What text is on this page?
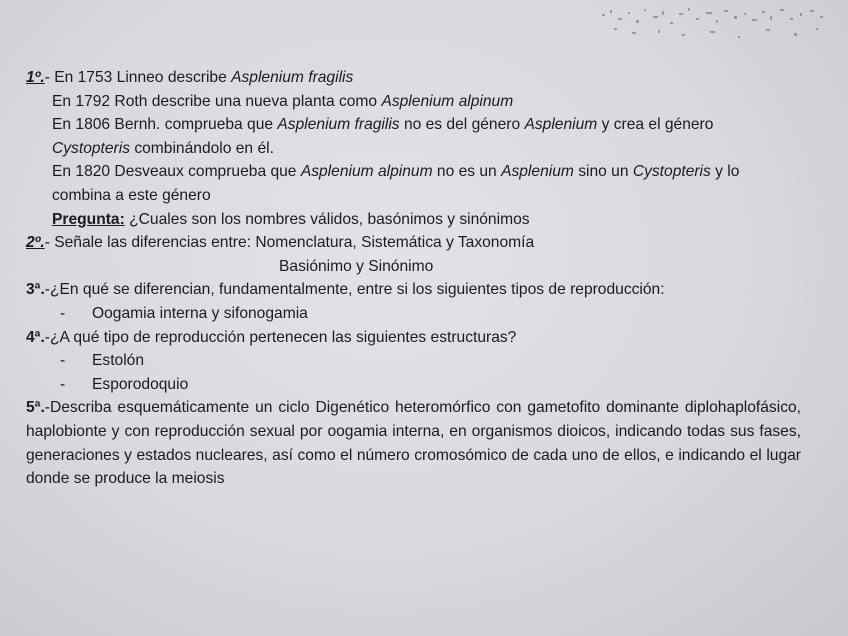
1º.- En 1753 Linneo describe Asplenium fragilis
En 1792 Roth describe una nueva planta como Asplenium alpinum
En 1806 Bernh. comprueba que Asplenium fragilis no es del género Asplenium y crea el género
Cystopteris combinándolo en él.
En 1820 Desveaux comprueba que Asplenium alpinum no es un Asplenium sino un Cystopteris y lo
combina a este género
Pregunta: ¿Cuales son los nombres válidos, basónimos y sinónimos
2º.- Señale las diferencias entre: Nomenclatura, Sistemática y Taxonomía
Basiónimo y Sinónimo
3ª.-¿En qué se diferencian, fundamentalmente, entre si los siguientes tipos de reproducción:
- Oogamia interna y sifonogamia
4ª.-¿A qué tipo de reproducción pertenecen las siguientes estructuras?
- Estolón
- Esporodoquio
5ª.-Describa esquemáticamente un ciclo Digenético heteromórfico con gametofito dominante diplohaplofásico, haplobionte y con reproducción sexual por oogamia interna, en organismos dioicos, indicando todas sus fases, generaciones y estados nucleares, así como el número cromosómico de cada uno de ellos, e indicando el lugar donde se produce la meiosis
